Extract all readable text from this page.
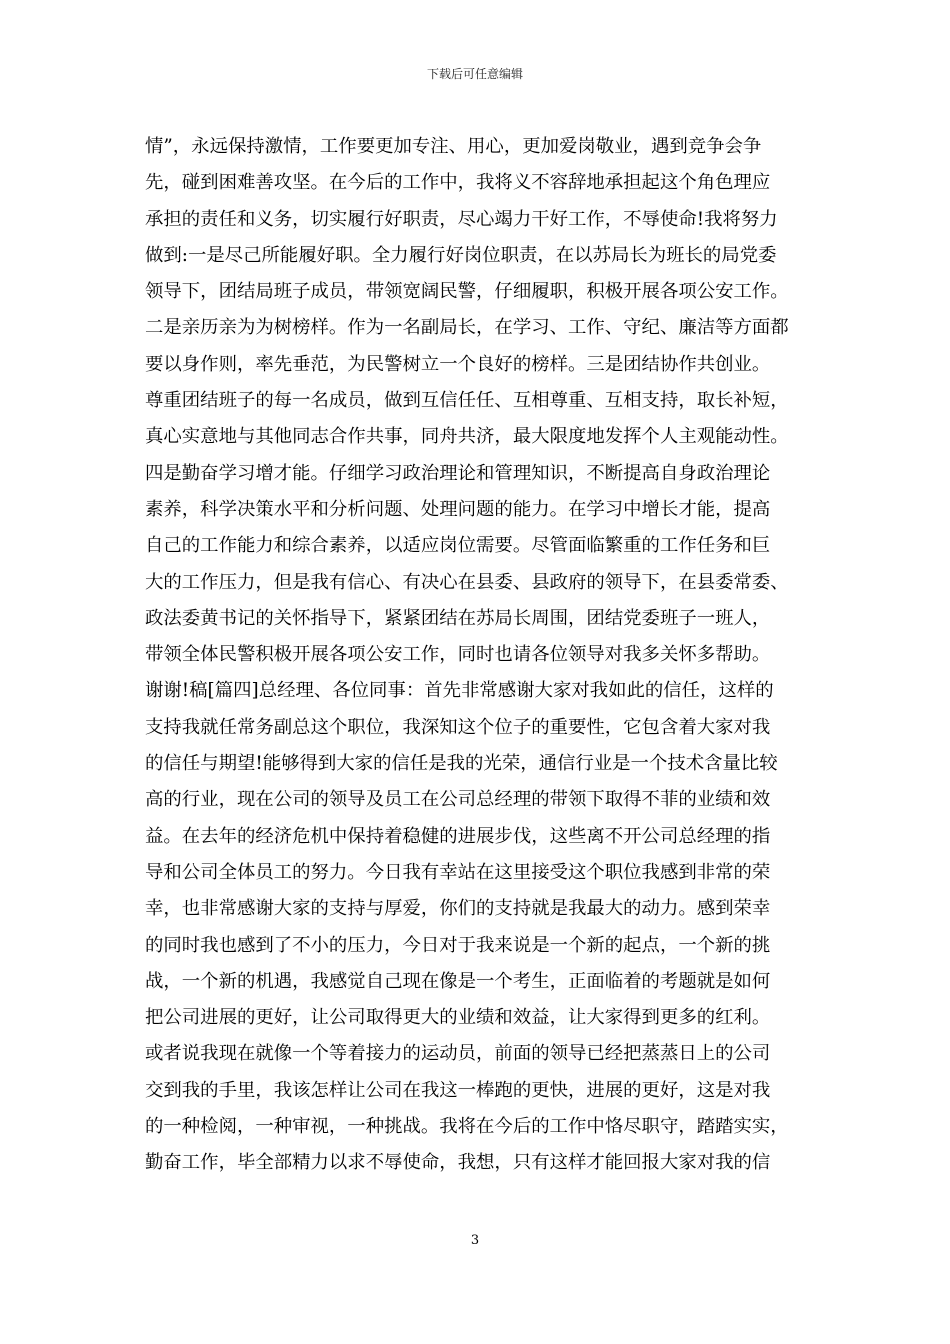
下载后可任意编辑
情”，永远保持激情，工作要更加专注、用心，更加爱岗敬业，遇到竞争会争
先，碰到困难善攻坚。在今后的工作中，我将义不容辞地承担起这个角色理应
承担的责任和义务，切实履行好职责，尽心竭力干好工作，不辱使命!我将努力
做到:一是尽己所能履好职。全力履行好岗位职责，在以苏局长为班长的局党委
领导下，团结局班子成员，带领宽阔民警，仔细履职，积极开展各项公安工作。
二是亲历亲为为树榜样。作为一名副局长，在学习、工作、守纪、廉洁等方面都
要以身作则，率先垂范，为民警树立一个良好的榜样。三是团结协作共创业。
尊重团结班子的每一名成员，做到互信任任、互相尊重、互相支持，取长补短，
真心实意地与其他同志合作共事，同舟共济，最大限度地发挥个人主观能动性。
四是勤奋学习增才能。仔细学习政治理论和管理知识，不断提高自身政治理论
素养，科学决策水平和分析问题、处理问题的能力。在学习中增长才能，提高
自己的工作能力和综合素养，以适应岗位需要。尽管面临繁重的工作任务和巨
大的工作压力，但是我有信心、有决心在县委、县政府的领导下，在县委常委、
政法委黄书记的关怀指导下，紧紧团结在苏局长周围，团结党委班子一班人，
带领全体民警积极开展各项公安工作，同时也请各位领导对我多关怀多帮助。
谢谢!稿[篇四]总经理、各位同事：首先非常感谢大家对我如此的信任，这样的
支持我就任常务副总这个职位，我深知这个位子的重要性，它包含着大家对我
的信任与期望!能够得到大家的信任是我的光荣，通信行业是一个技术含量比较
高的行业，现在公司的领导及员工在公司总经理的带领下取得不菲的业绩和效
益。在去年的经济危机中保持着稳健的进展步伐，这些离不开公司总经理的指
导和公司全体员工的努力。今日我有幸站在这里接受这个职位我感到非常的荣
幸，也非常感谢大家的支持与厚爱，你们的支持就是我最大的动力。感到荣幸
的同时我也感到了不小的压力，今日对于我来说是一个新的起点，一个新的挑
战，一个新的机遇，我感觉自己现在像是一个考生，正面临着的考题就是如何
把公司进展的更好，让公司取得更大的业绩和效益，让大家得到更多的红利。
或者说我现在就像一个等着接力的运动员，前面的领导已经把蒸蒸日上的公司
交到我的手里，我该怎样让公司在我这一棒跑的更快，进展的更好，这是对我
的一种检阅，一种审视，一种挑战。我将在今后的工作中恪尽职守，踏踏实实，
勤奋工作，毕全部精力以求不辱使命，我想，只有这样才能回报大家对我的信
3
